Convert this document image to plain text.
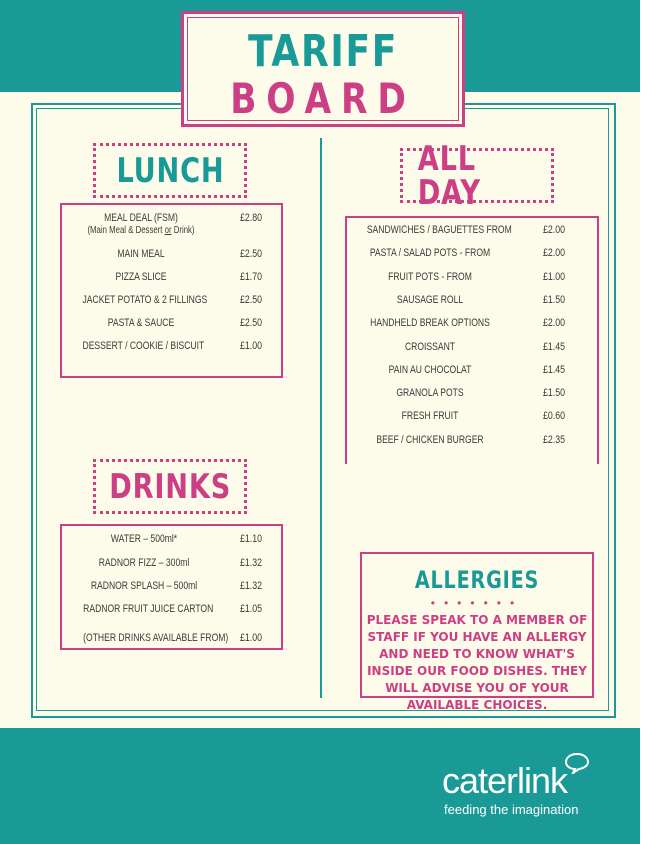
TARIFF
BOARD
LUNCH
MEAL DEAL (FSM)	£2.80
(Main Meal & Dessert or Drink)
MAIN MEAL	£2.50
PIZZA SLICE	£1.70
JACKET POTATO & 2 FILLINGS	£2.50
PASTA & SAUCE	£2.50
DESSERT / COOKIE / BISCUIT	£1.00
DRINKS
WATER – 500ml*	£1.10
RADNOR FIZZ – 300ml	£1.32
RADNOR SPLASH – 500ml	£1.32
RADNOR FRUIT JUICE CARTON	£1.05
(OTHER DRINKS AVAILABLE FROM)	£1.00
ALL DAY
SANDWICHES / BAGUETTES FROM	£2.00
PASTA / SALAD POTS - FROM	£2.00
FRUIT POTS - FROM	£1.00
SAUSAGE ROLL	£1.50
HANDHELD BREAK OPTIONS	£2.00
CROISSANT	£1.45
PAIN AU CHOCOLAT	£1.45
GRANOLA POTS	£1.50
FRESH FRUIT	£0.60
BEEF / CHICKEN BURGER	£2.35
ALLERGIES
•••••••
PLEASE SPEAK TO A MEMBER OF STAFF IF YOU HAVE AN ALLERGY AND NEED TO KNOW WHAT'S INSIDE OUR FOOD DISHES. THEY WILL ADVISE YOU OF YOUR AVAILABLE CHOICES.
caterlink
feeding the imagination
